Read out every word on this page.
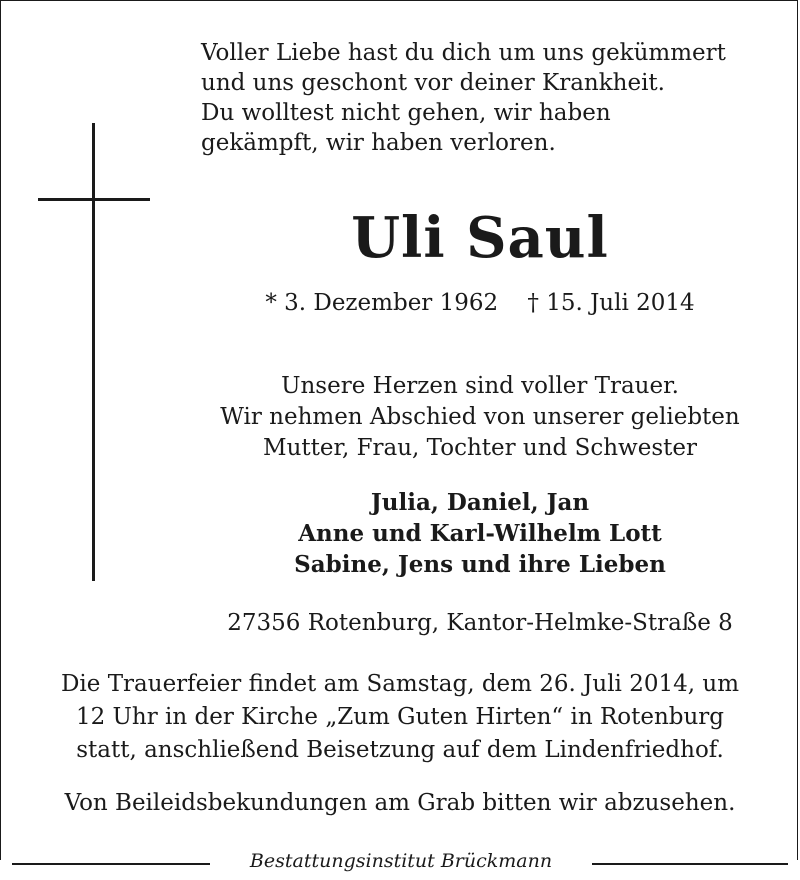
Voller Liebe hast du dich um uns gekümmert
und uns geschont vor deiner Krankheit.
Du wolltest nicht gehen, wir haben
gekämpft, wir haben verloren.
Uli Saul
* 3. Dezember 1962    † 15. Juli 2014
Unsere Herzen sind voller Trauer.
Wir nehmen Abschied von unserer geliebten
Mutter, Frau, Tochter und Schwester
Julia, Daniel, Jan
Anne und Karl-Wilhelm Lott
Sabine, Jens und ihre Lieben
27356 Rotenburg, Kantor-Helmke-Straße 8
Die Trauerfeier findet am Samstag, dem 26. Juli 2014, um
12 Uhr in der Kirche „Zum Guten Hirten“ in Rotenburg
statt, anschließend Beisetzung auf dem Lindenfriedhof.
Von Beileidsbekundungen am Grab bitten wir abzusehen.
Bestattungsinstitut Brückmann
